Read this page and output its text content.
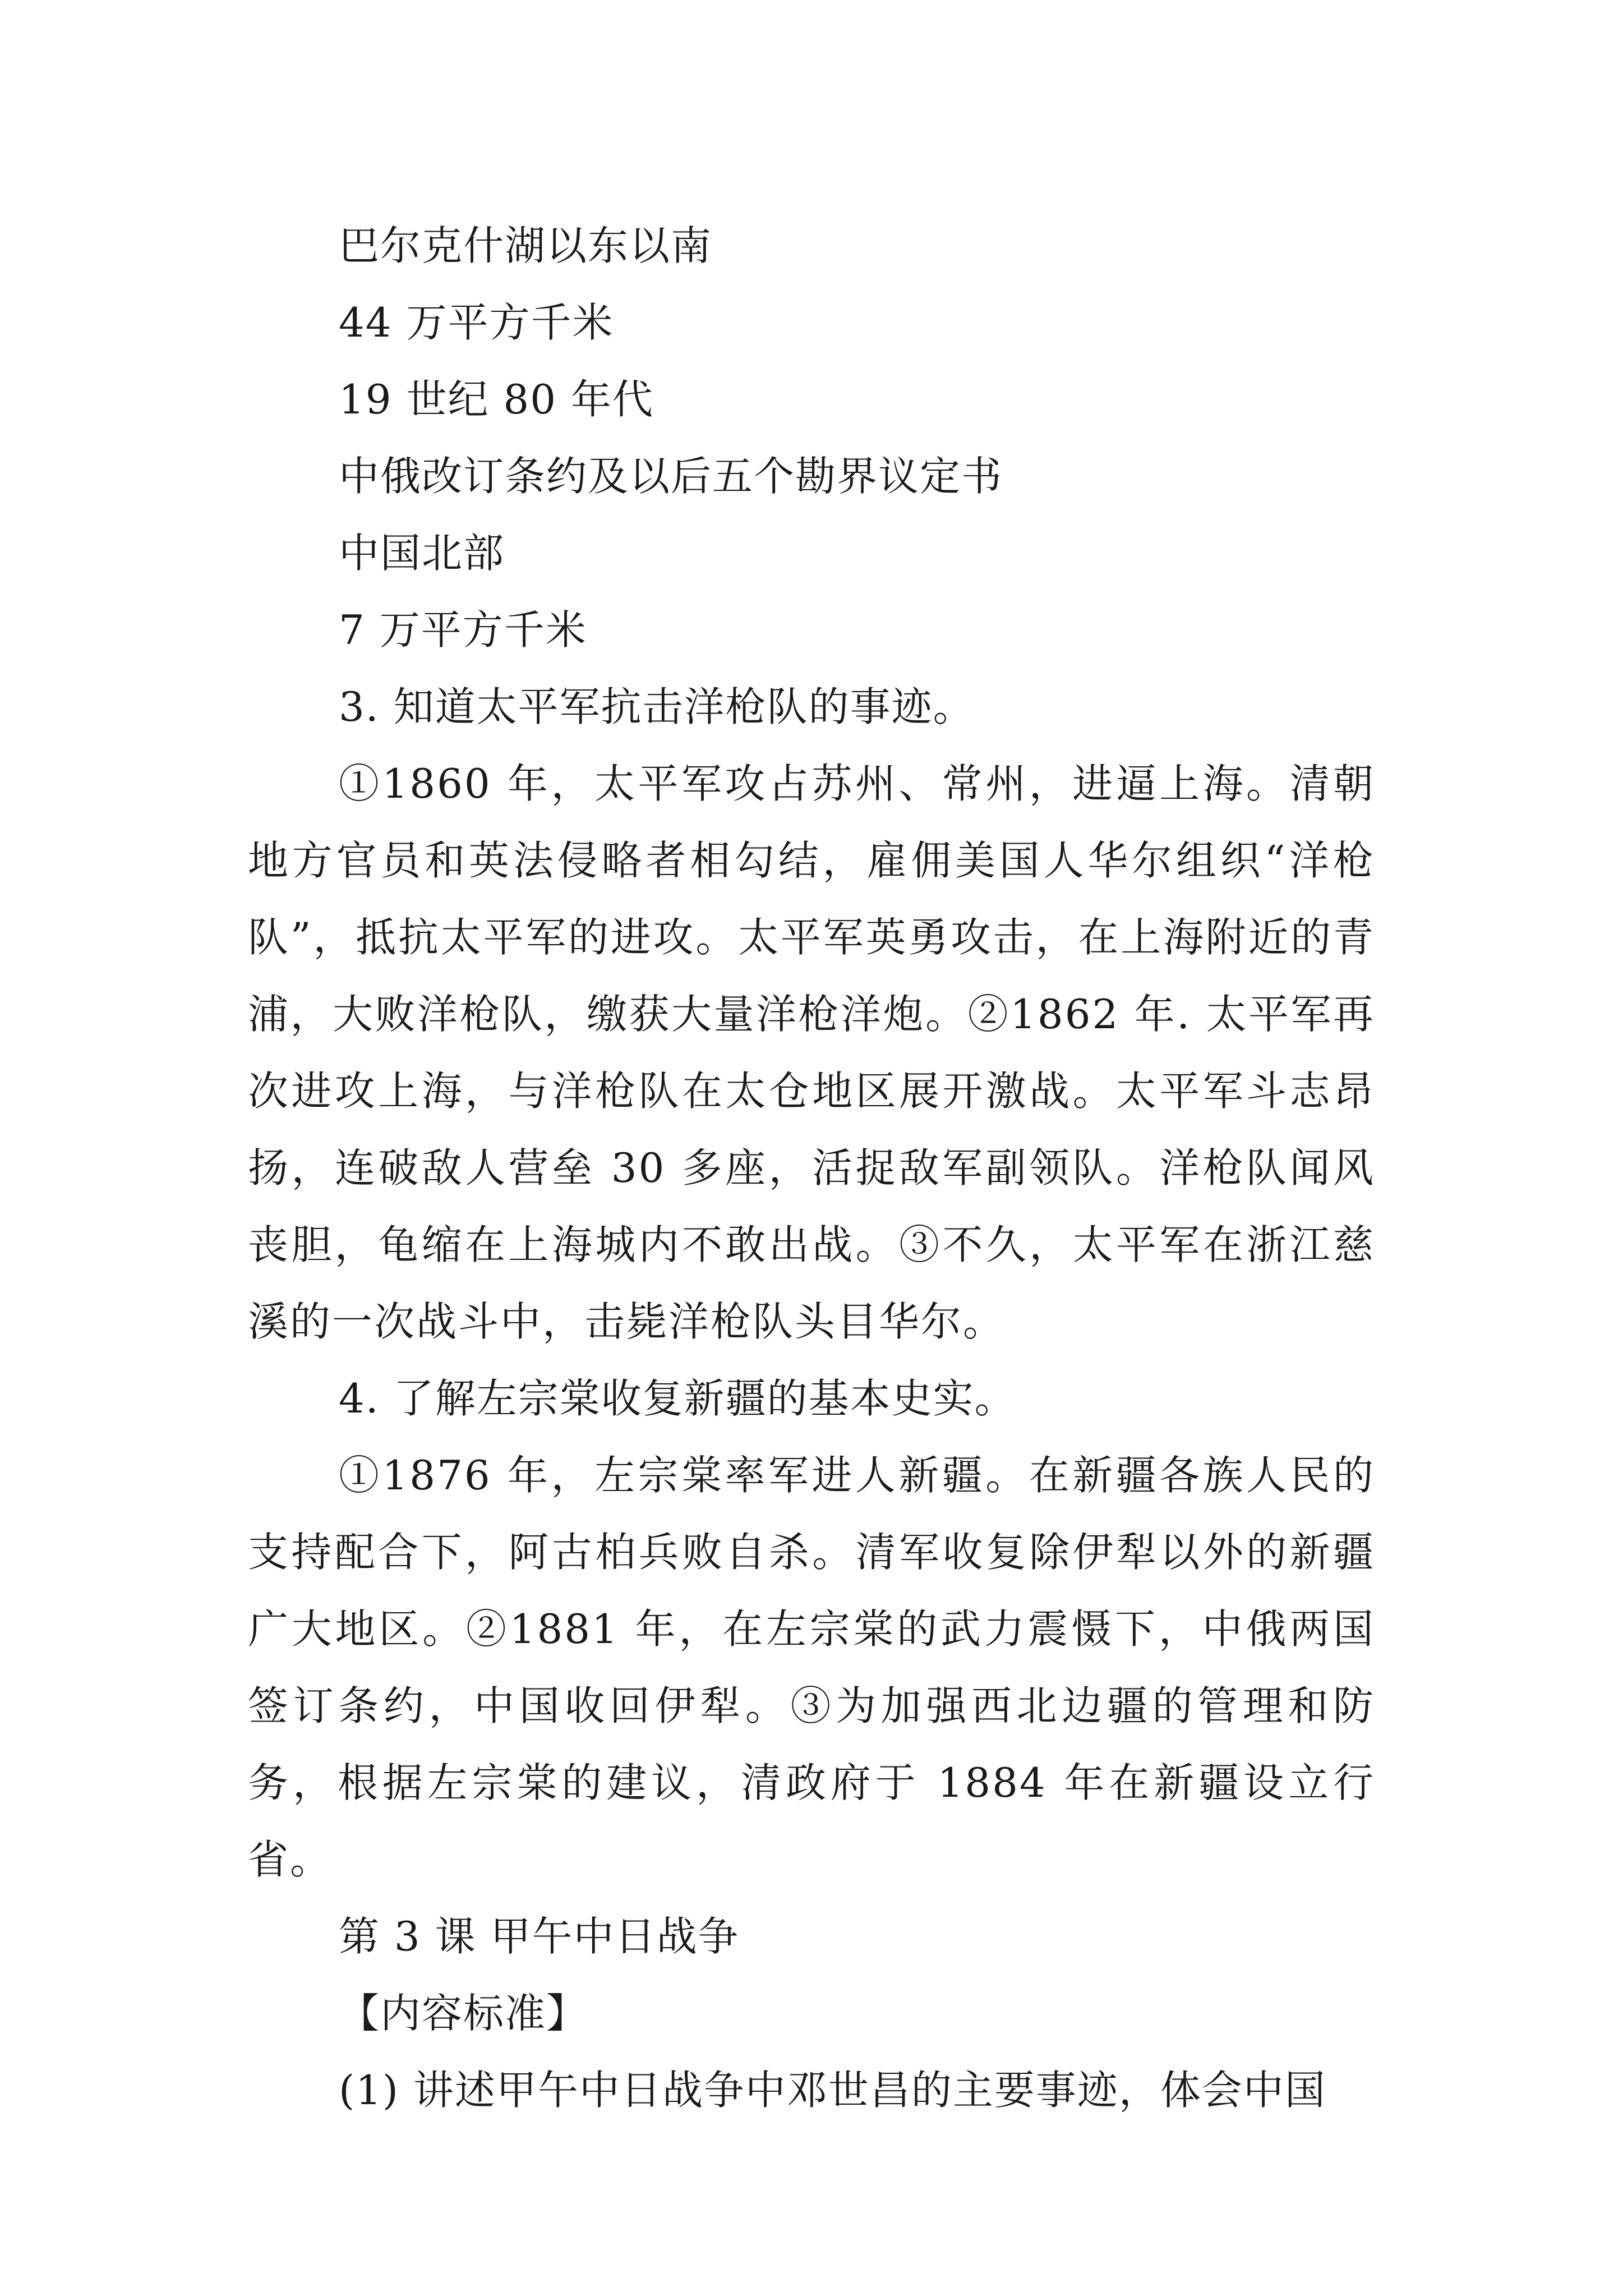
巴尔克什湖以东以南
44 万平方千米
19 世纪 80 年代
中俄改订条约及以后五个勘界议定书
中国北部
7 万平方千米
3. 知道太平军抗击洋枪队的事迹。

①1860 年，太平军攻占苏州、常州，进逼上海。清朝地方官员和英法侵略者相勾结，雇佣美国人华尔组织“洋枪队”，抵抗太平军的进攻。太平军英勇攻击，在上海附近的青浦，大败洋枪队，缴获大量洋枪洋炮。②1862 年. 太平军再次进攻上海，与洋枪队在太仓地区展开激战。太平军斗志昂扬，连破敌人营垒 30 多座，活捉敌军副领队。洋枪队闻风丧胆，龟缩在上海城内不敢出战。③不久，太平军在浙江慈溪的一次战斗中，击毙洋枪队头目华尔。

4. 了解左宗棠收复新疆的基本史实。

①1876 年，左宗棠率军进人新疆。在新疆各族人民的支持配合下，阿古柏兵败自杀。清军收复除伊犁以外的新疆广大地区。②1881 年，在左宗棠的武力震慑下，中俄两国签订条约，中国收回伊犁。③为加强西北边疆的管理和防务，根据左宗棠的建议，清政府于 1884 年在新疆设立行省。

第 3 课 甲午中日战争
【内容标准】
(1) 讲述甲午中日战争中邓世昌的主要事迹，体会中国
